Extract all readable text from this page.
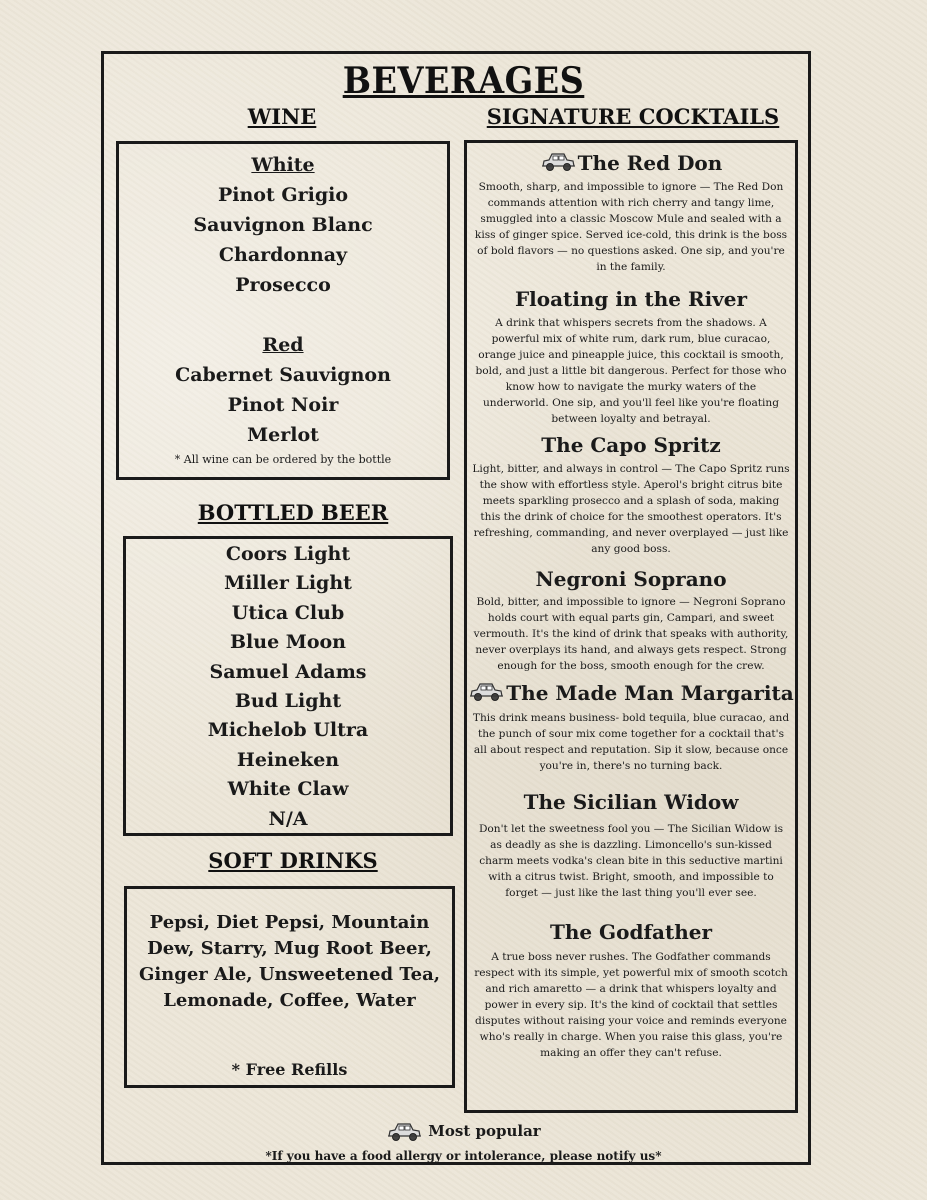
BEVERAGES
WINE
White
Pinot Grigio
Sauvignon Blanc
Chardonnay
Prosecco
Red
Cabernet Sauvignon
Pinot Noir
Merlot
* All wine can be ordered by the bottle
BOTTLED BEER
Coors Light
Miller Light
Utica Club
Blue Moon
Samuel Adams
Bud Light
Michelob Ultra
Heineken
White Claw
N/A
SOFT DRINKS
Pepsi, Diet Pepsi, Mountain Dew, Starry, Mug Root Beer, Ginger Ale, Unsweetened Tea, Lemonade, Coffee, Water
* Free Refills
SIGNATURE COCKTAILS
The Red Don
Smooth, sharp, and impossible to ignore — The Red Don commands attention with rich cherry and tangy lime, smuggled into a classic Moscow Mule and sealed with a kiss of ginger spice. Served ice-cold, this drink is the boss of bold flavors — no questions asked. One sip, and you're in the family.
Floating in the River
A drink that whispers secrets from the shadows. A powerful mix of white rum, dark rum, blue curacao, orange juice and pineapple juice, this cocktail is smooth, bold, and just a little bit dangerous. Perfect for those who know how to navigate the murky waters of the underworld. One sip, and you'll feel like you're floating between loyalty and betrayal.
The Capo Spritz
Light, bitter, and always in control — The Capo Spritz runs the show with effortless style. Aperol's bright citrus bite meets sparkling prosecco and a splash of soda, making this the drink of choice for the smoothest operators. It's refreshing, commanding, and never overplayed — just like any good boss.
Negroni Soprano
Bold, bitter, and impossible to ignore — Negroni Soprano holds court with equal parts gin, Campari, and sweet vermouth. It's the kind of drink that speaks with authority, never overplays its hand, and always gets respect. Strong enough for the boss, smooth enough for the crew.
The Made Man Margarita
This drink means business- bold tequila, blue curacao, and the punch of sour mix come together for a cocktail that's all about respect and reputation. Sip it slow, because once you're in, there's no turning back.
The Sicilian Widow
Don't let the sweetness fool you — The Sicilian Widow is as deadly as she is dazzling. Limoncello's sun-kissed charm meets vodka's clean bite in this seductive martini with a citrus twist. Bright, smooth, and impossible to forget — just like the last thing you'll ever see.
The Godfather
A true boss never rushes. The Godfather commands respect with its simple, yet powerful mix of smooth scotch and rich amaretto — a drink that whispers loyalty and power in every sip. It's the kind of cocktail that settles disputes without raising your voice and reminds everyone who's really in charge. When you raise this glass, you're making an offer they can't refuse.
Most popular
*If you have a food allergy or intolerance, please notify us*
